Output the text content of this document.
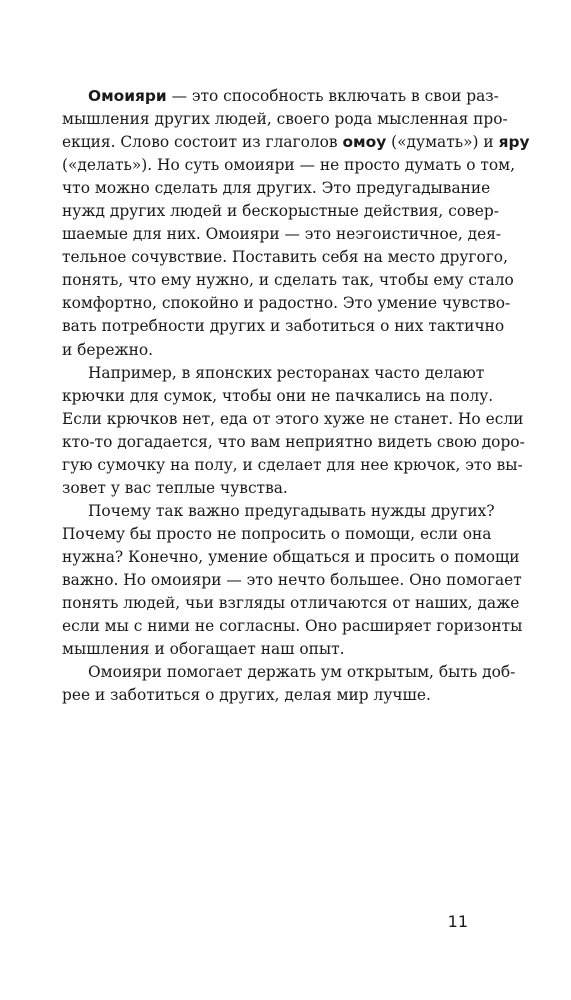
Омоияри — это способность включать в свои раз-
мышления других людей, своего рода мысленная про-
екция. Слово состоит из глаголов омоу («думать») и яру
(«делать»). Но суть омоияри — не просто думать о том,
что можно сделать для других. Это предугадывание
нужд других людей и бескорыстные действия, совер-
шаемые для них. Омоияри — это неэгоистичное, дея-
тельное сочувствие. Поставить себя на место другого,
понять, что ему нужно, и сделать так, чтобы ему стало
комфортно, спокойно и радостно. Это умение чувство-
вать потребности других и заботиться о них тактично
и бережно.
Например, в японских ресторанах часто делают
крючки для сумок, чтобы они не пачкались на полу.
Если крючков нет, еда от этого хуже не станет. Но если
кто-то догадается, что вам неприятно видеть свою дорo-
гую сумочку на полу, и сделает для нее крючок, это вы-
зовет у вас теплые чувства.
Почему так важно предугадывать нужды других?
Почему бы просто не попросить о помощи, если она
нужна? Конечно, умение общаться и просить о помощи
важно. Но омоияри — это нечто большее. Оно помогает
понять людей, чьи взгляды отличаются от наших, даже
если мы с ними не согласны. Оно расширяет горизонты
мышления и обогащает наш опыт.
Омоияри помогает держать ум открытым, быть доб-
рее и заботиться о других, делая мир лучше.
11
